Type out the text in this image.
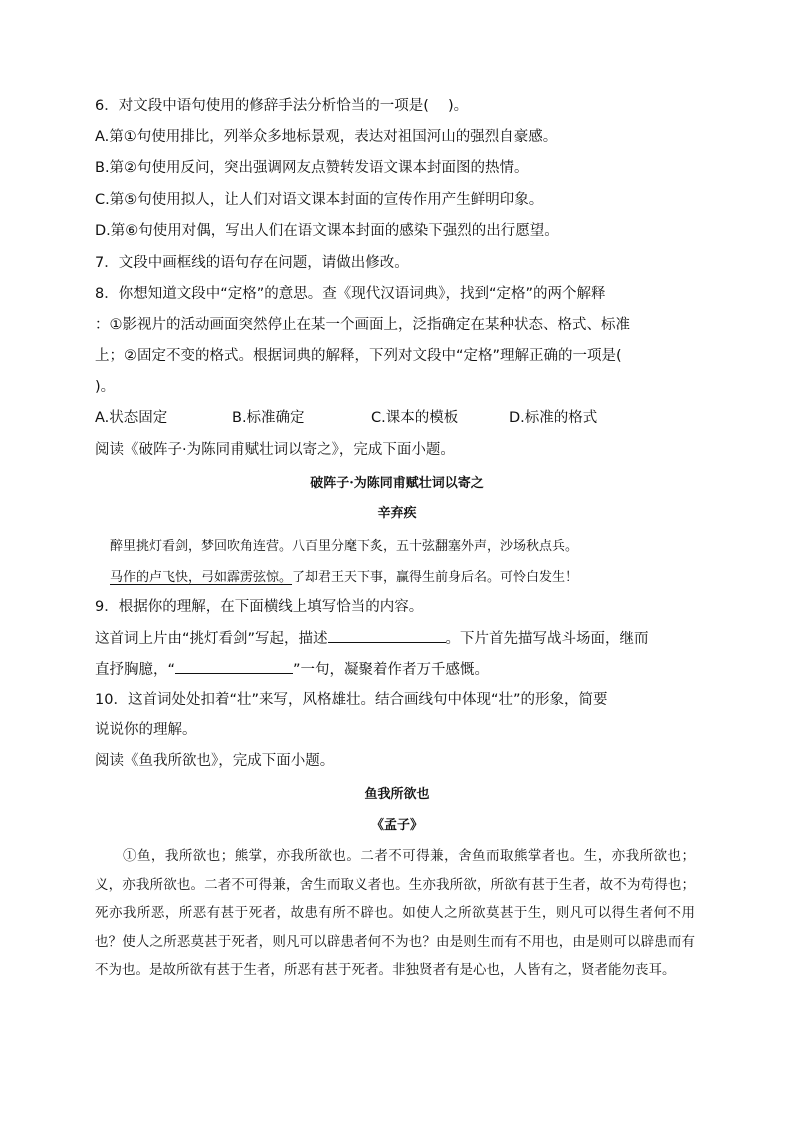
6．对文段中语句使用的修辞手法分析恰当的一项是(　 )。
A.第①句使用排比，列举众多地标景观，表达对祖国河山的强烈自豪感。
B.第②句使用反问，突出强调网友点赞转发语文课本封面图的热情。
C.第⑤句使用拟人，让人们对语文课本封面的宣传作用产生鲜明印象。
D.第⑥句使用对偶，写出人们在语文课本封面的感染下强烈的出行愿望。
7．文段中画框线的语句存在问题，请做出修改。
8．你想知道文段中“定格”的意思。查《现代汉语词典》，找到“定格”的两个解释
：①影视片的活动画面突然停止在某一个画面上，泛指确定在某种状态、格式、标准
上；②固定不变的格式。根据词典的解释，下列对文段中“定格”理解正确的一项是(
)。
A.状态固定	B.标准确定	C.课本的模板	D.标准的格式
阅读《破阵子·为陈同甫赋壮词以寄之》，完成下面小题。
破阵子·为陈同甫赋壮词以寄之
辛弃疾
醉里挑灯看剑，梦回吹角连营。八百里分麾下炙，五十弦翻塞外声，沙场秋点兵。
马作的卢飞快，弓如霹雳弦惊。了却君王天下事，赢得生前身后名。可怜白发生！
9．根据你的理解，在下面横线上填写恰当的内容。
这首词上片由“挑灯看剑”写起，描述	。下片首先描写战斗场面，继而
直抒胸臆，“	”一句，凝聚着作者万千感慨。
10．这首词处处扣着“壮”来写，风格雄壮。结合画线句中体现“壮”的形象，简要
说说你的理解。
阅读《鱼我所欲也》，完成下面小题。
鱼我所欲也
《孟子》
①鱼，我所欲也；熊掌，亦我所欲也。二者不可得兼，舍鱼而取熊掌者也。生，亦我所欲也；义，亦我所欲也。二者不可得兼，舍生而取义者也。生亦我所欲，所欲有甚于生者，故不为苟得也；死亦我所恶，所恶有甚于死者，故患有所不辟也。如使人之所欲莫甚于生，则凡可以得生者何不用也？使人之所恶莫甚于死者，则凡可以辟患者何不为也？由是则生而有不用也，由是则可以辟患而有不为也。是故所欲有甚于生者，所恶有甚于死者。非独贤者有是心也，人皆有之，贤者能勿丧耳。
